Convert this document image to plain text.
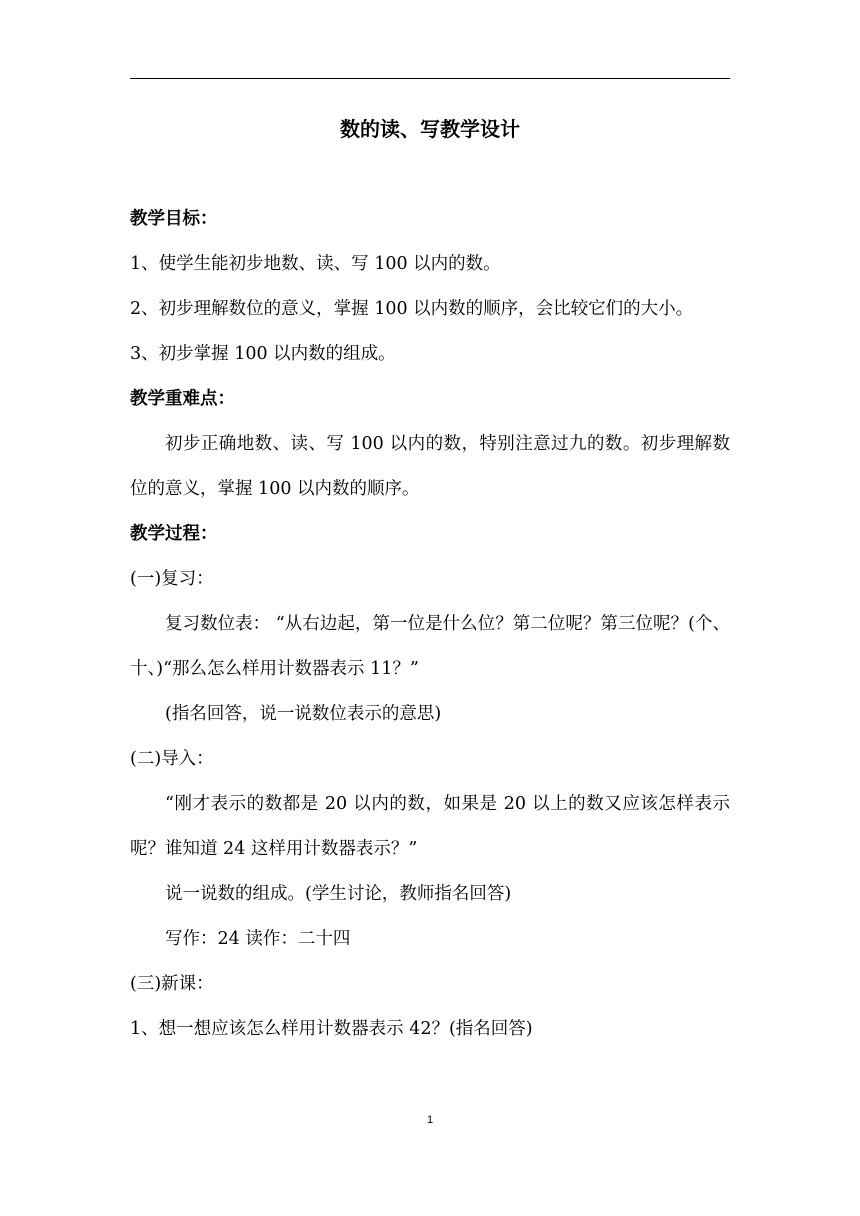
数的读、写教学设计

教学目标：

1、使学生能初步地数、读、写 100 以内的数。

2、初步理解数位的意义，掌握 100 以内数的顺序，会比较它们的大小。

3、初步掌握 100 以内数的组成。

教学重难点：

初步正确地数、读、写 100 以内的数，特别注意过九的数。初步理解数位的意义，掌握 100 以内数的顺序。

教学过程：

(一)复习：

复习数位表： “从右边起，第一位是什么位？第二位呢？第三位呢？(个、十、)“那么怎么样用计数器表示 11？”

(指名回答，说一说数位表示的意思)

(二)导入：

“刚才表示的数都是 20 以内的数，如果是 20 以上的数又应该怎样表示呢？谁知道 24 这样用计数器表示？”

说一说数的组成。(学生讨论，教师指名回答)

写作：24 读作：二十四

(三)新课：

1、想一想应该怎么样用计数器表示 42？(指名回答)

1
